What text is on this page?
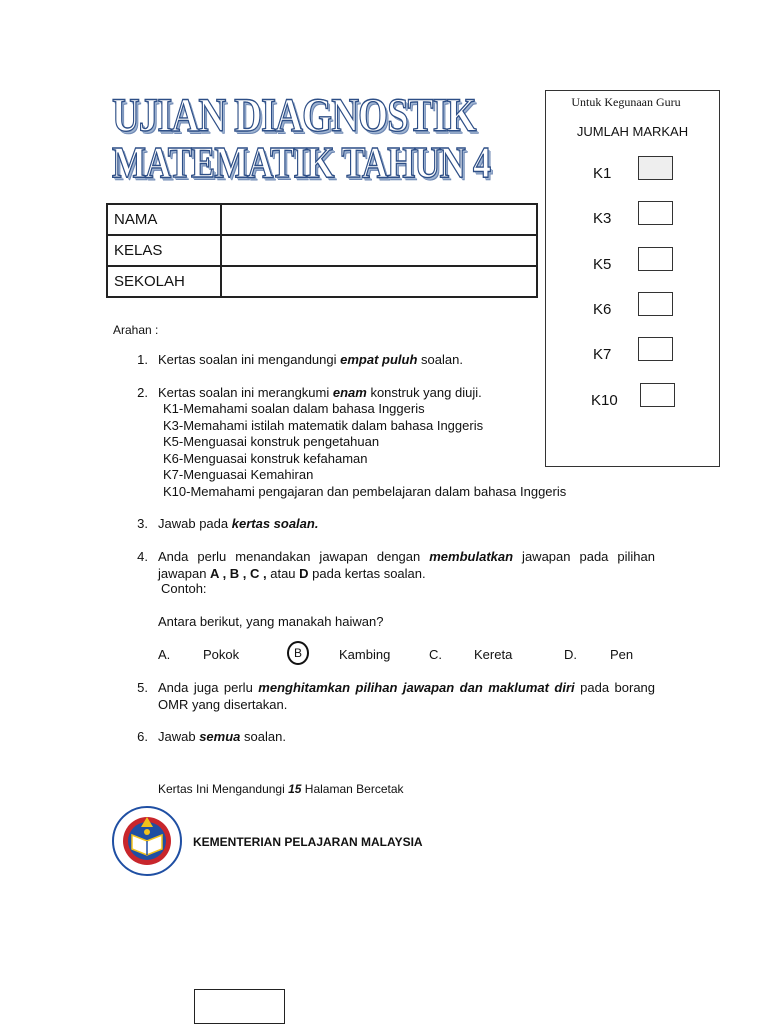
UJIAN DIAGNOSTIK
MATEMATIK TAHUN 4
Untuk Kegunaan Guru
JUMLAH MARKAH
K1
K3
K5
K6
K7
K10
NAMA	
KELAS	
SEKOLAH	
Arahan :
1. Kertas soalan ini mengandungi empat puluh soalan.
2. Kertas soalan ini merangkumi enam konstruk yang diuji.
K1-Memahami soalan dalam bahasa Inggeris
K3-Memahami istilah matematik dalam bahasa Inggeris
K5-Menguasai konstruk pengetahuan
K6-Menguasai konstruk kefahaman
K7-Menguasai Kemahiran
K10-Memahami pengajaran dan pembelajaran dalam bahasa Inggeris
3. Jawab pada kertas soalan.
4. Anda perlu menandakan jawapan dengan membulatkan jawapan pada pilihan jawapan A , B , C , atau D pada kertas soalan.
Contoh:
Antara berikut, yang manakah haiwan?
A.	Pokok	B	Kambing	C. Kereta	D.	Pen
5. Anda juga perlu menghitamkan pilihan jawapan dan maklumat diri pada borang OMR yang disertakan.
6. Jawab semua soalan.
Kertas Ini Mengandungi 15 Halaman Bercetak
KEMENTERIAN PELAJARAN MALAYSIA
